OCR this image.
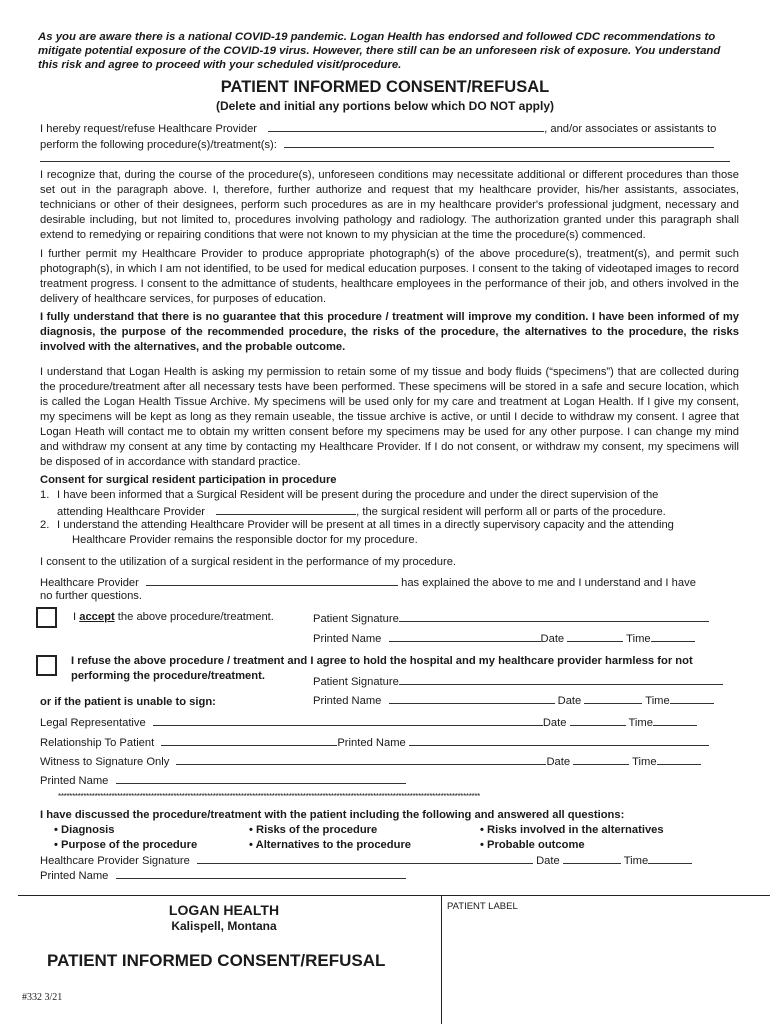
As you are aware there is a national COVID-19 pandemic. Logan Health has endorsed and followed CDC recommendations to mitigate potential exposure of the COVID-19 virus. However, there still can be an unforeseen risk of exposure. You understand this risk and agree to proceed with your scheduled visit/procedure.
PATIENT INFORMED CONSENT/REFUSAL
(Delete and initial any portions below which DO NOT apply)
I hereby request/refuse Healthcare Provider	, and/or associates or assistants to
perform the following procedure(s)/treatment(s):
I recognize that, during the course of the procedure(s), unforeseen conditions may necessitate additional or different procedures than those set out in the paragraph above. I, therefore, further authorize and request that my healthcare provider, his/her assistants, associates, technicians or other of their designees, perform such procedures as are in my healthcare provider's professional judgment, necessary and desirable including, but not limited to, procedures involving pathology and radiology. The authorization granted under this paragraph shall extend to remedying or repairing conditions that were not known to my physician at the time the procedure(s) commenced.
I further permit my Healthcare Provider to produce appropriate photograph(s) of the above procedure(s), treatment(s), and permit such photograph(s), in which I am not identified, to be used for medical education purposes. I consent to the taking of videotaped images to record treatment progress. I consent to the admittance of students, healthcare employees in the performance of their job, and others involved in the delivery of healthcare services, for purposes of education.
I fully understand that there is no guarantee that this procedure / treatment will improve my condition. I have been informed of my diagnosis, the purpose of the recommended procedure, the risks of the procedure, the alternatives to the procedure, the risks involved with the alternatives, and the probable outcome.
I understand that Logan Health is asking my permission to retain some of my tissue and body fluids (“specimens”) that are collected during the procedure/treatment after all necessary tests have been performed. These specimens will be stored in a safe and secure location, which is called the Logan Health Tissue Archive. My specimens will be used only for my care and treatment at Logan Health. If I give my consent, my specimens will be kept as long as they remain useable, the tissue archive is active, or until I decide to withdraw my consent. I agree that Logan Heath will contact me to obtain my written consent before my specimens may be used for any other purpose. I can change my mind and withdraw my consent at any time by contacting my Healthcare Provider. If I do not consent, or withdraw my consent, my specimens will be disposed of in accordance with standard practice.
Consent for surgical resident participation in procedure
1. I have been informed that a Surgical Resident will be present during the procedure and under the direct supervision of the
attending Healthcare Provider	, the surgical resident will perform all or parts of the procedure.
2. I understand the attending Healthcare Provider will be present at all times in a directly supervisory capacity and the attending
Healthcare Provider remains the responsible doctor for my procedure.
I consent to the utilization of a surgical resident in the performance of my procedure.
Healthcare Provider	has explained the above to me and I understand and I have
no further questions.
I accept the above procedure/treatment.	Patient Signature
Printed Name	Date	Time
I refuse the above procedure / treatment and I agree to hold the hospital and my healthcare provider harmless for not
performing the procedure/treatment.	Patient Signature
or if the patient is unable to sign:	Printed Name	Date	Time
Legal Representative	Date	Time
Relationship To Patient	Printed Name
Witness to Signature Only	Date	Time
Printed Name
******************************************************************************************************************************************************
I have discussed the procedure/treatment with the patient including the following and answered all questions:
• Diagnosis	• Risks of the procedure	• Risks involved in the alternatives
• Purpose of the procedure	• Alternatives to the procedure	• Probable outcome
Healthcare Provider Signature	Date	Time
Printed Name
LOGAN HEALTH
Kalispell, Montana
PATIENT INFORMED CONSENT/REFUSAL
#332 3/21
PATIENT LABEL
